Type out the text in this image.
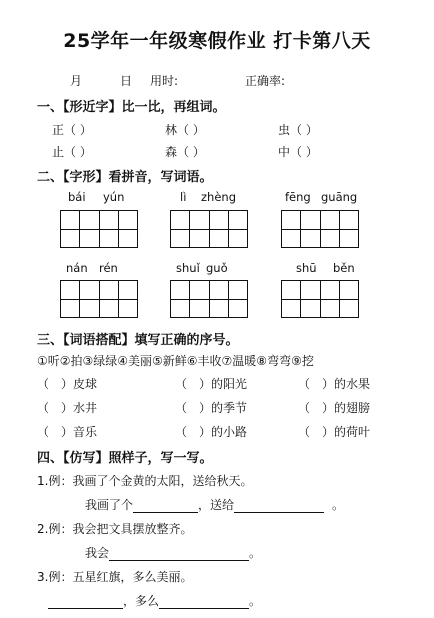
25学年一年级寒假作业 打卡第八天
月	日 用时:	正确率:
一、【形近字】比一比，再组词。
正（ ）	林（ ）	虫（ ）
止（ ）	森（ ）	中（ ）
二、【字形】看拼音，写词语。
bái yún	lì zhèng	fēng guāng
nán rén	shuǐ guǒ	shū běn
三、【词语搭配】填写正确的序号。
①听②拍③绿绿④美丽⑤新鲜⑥丰收⑦温暖⑧弯弯⑨挖
（　）皮球	（　）的阳光	（　）的水果
（　）水井	（　）的季节	（　）的翅膀
（　）音乐	（　）的小路	（　）的荷叶
四、【仿写】照样子，写一写。
1.例：我画了个金黄的太阳，送给秋天。
我画了个	，送给	。
2.例：我会把文具摆放整齐。
我会	。
3.例：五星红旗，多么美丽。
，多么	。
